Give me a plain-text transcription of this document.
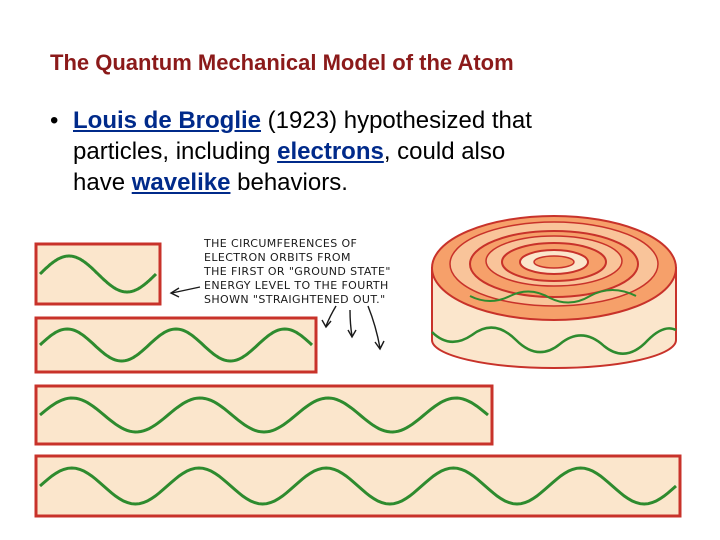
The Quantum Mechanical Model of the Atom
• Louis de Broglie (1923) hypothesized that
particles, including electrons, could also
have wavelike behaviors.
THE CIRCUMFERENCES OF
ELECTRON ORBITS FROM
THE FIRST OR "GROUND STATE"
ENERGY LEVEL TO THE FOURTH
SHOWN "STRAIGHTENED OUT."
